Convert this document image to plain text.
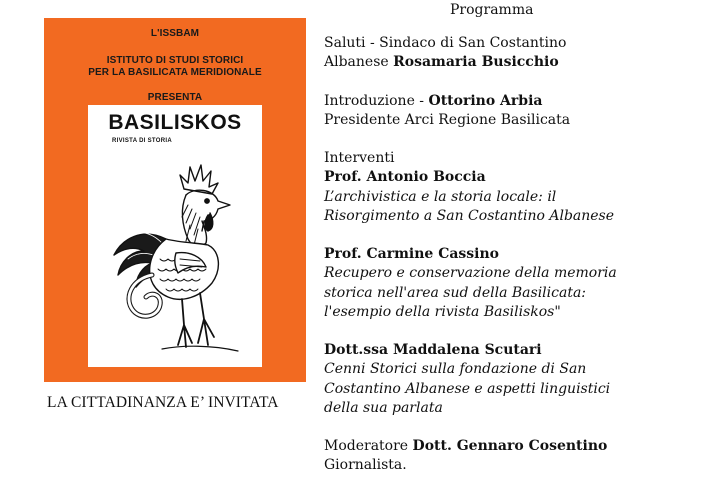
L'ISSBAM
ISTITUTO DI STUDI STORICI
PER LA BASILICATA MERIDIONALE
PRESENTA
BASILISKOS
RIVISTA DI STORIA
LA CITTADINANZA E’ INVITATA
Programma
Saluti - Sindaco di San Costantino
Albanese Rosamaria Busicchio
Introduzione - Ottorino Arbia
Presidente Arci Regione Basilicata
Interventi
Prof. Antonio Boccia
L’archivistica e la storia locale: il
Risorgimento a San Costantino Albanese
Prof. Carmine Cassino
Recupero e conservazione della memoria
storica nell'area sud della Basilicata:
l'esempio della rivista Basiliskos"
Dott.ssa Maddalena Scutari
Cenni Storici sulla fondazione di San
Costantino Albanese e aspetti linguistici
della sua parlata
Moderatore Dott. Gennaro Cosentino
Giornalista.
